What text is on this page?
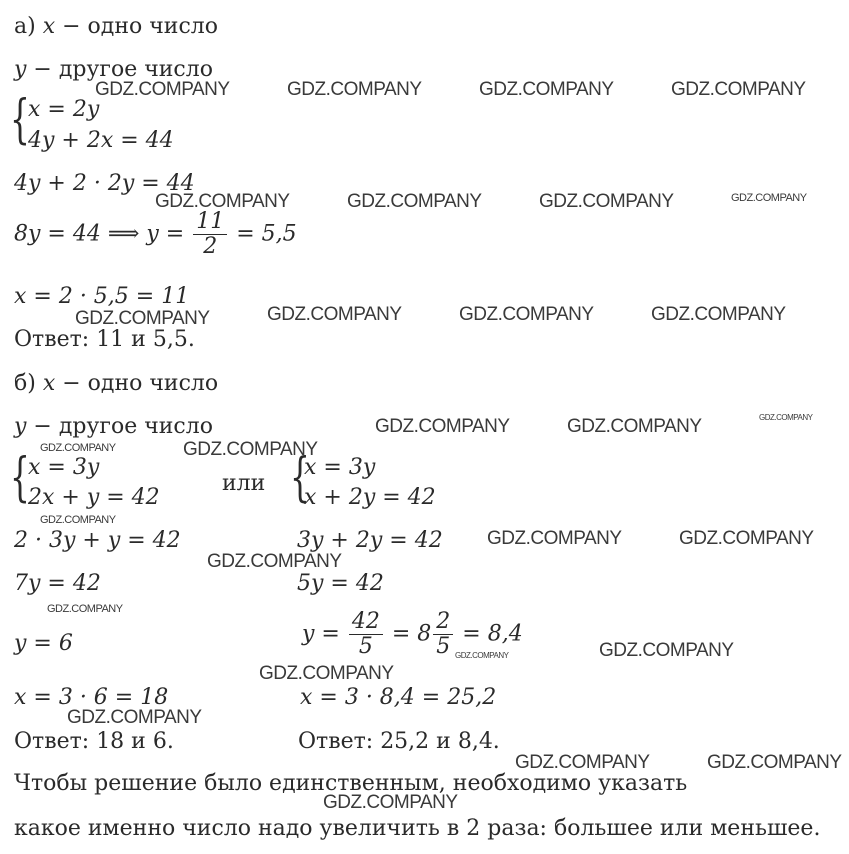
а) x − одно число
y − другое число
{
x = 2y
4y + 2x = 44
4y + 2 · 2y = 44
8y = 44 ⟹ $y = \frac{11}{2} = 5,5$
x = 2 · 5,5 = 11
Ответ: 11 и 5,5.
б) x − одно число
y − другое число
{
x = 3y
2x + y = 42
или {
x = 3y
x + 2y = 42
2 · 3y + y = 42	3y + 2y = 42
7y = 42	5y = 42
y = 6	$y = \frac{42}{5} = 8 \frac{2}{5} = 8,4$
x = 3 · 6 = 18	x = 3 · 8,4 = 25,2
Ответ: 18 и 6.	Ответ: 25,2 и 8,4.
Чтобы решение было единственным, необходимо указать
какое именно число надо увеличить в 2 раза: большее или меньшее.
GDZ.COMPANY	GDZ.COMPANY	GDZ.COMPANY	GDZ.COMPANY
GDZ.COMPANY	GDZ.COMPANY	GDZ.COMPANY	GDZ.COMPANY
GDZ.COMPANY	GDZ.COMPANY	GDZ.COMPANY	GDZ.COMPANY
GDZ.COMPANY	GDZ.COMPANY	GDZ.COMPANY
GDZ.COMPANY
GDZ.COMPANY
GDZ.COMPANY
GDZ.COMPANY	GDZ.COMPANY
GDZ.COMPANY
GDZ.COMPANY
GDZ.COMPANY
GDZ.COMPANY
GDZ.COMPANY
GDZ.COMPANY
GDZ.COMPANY	GDZ.COMPANY
GDZ.COMPANY
